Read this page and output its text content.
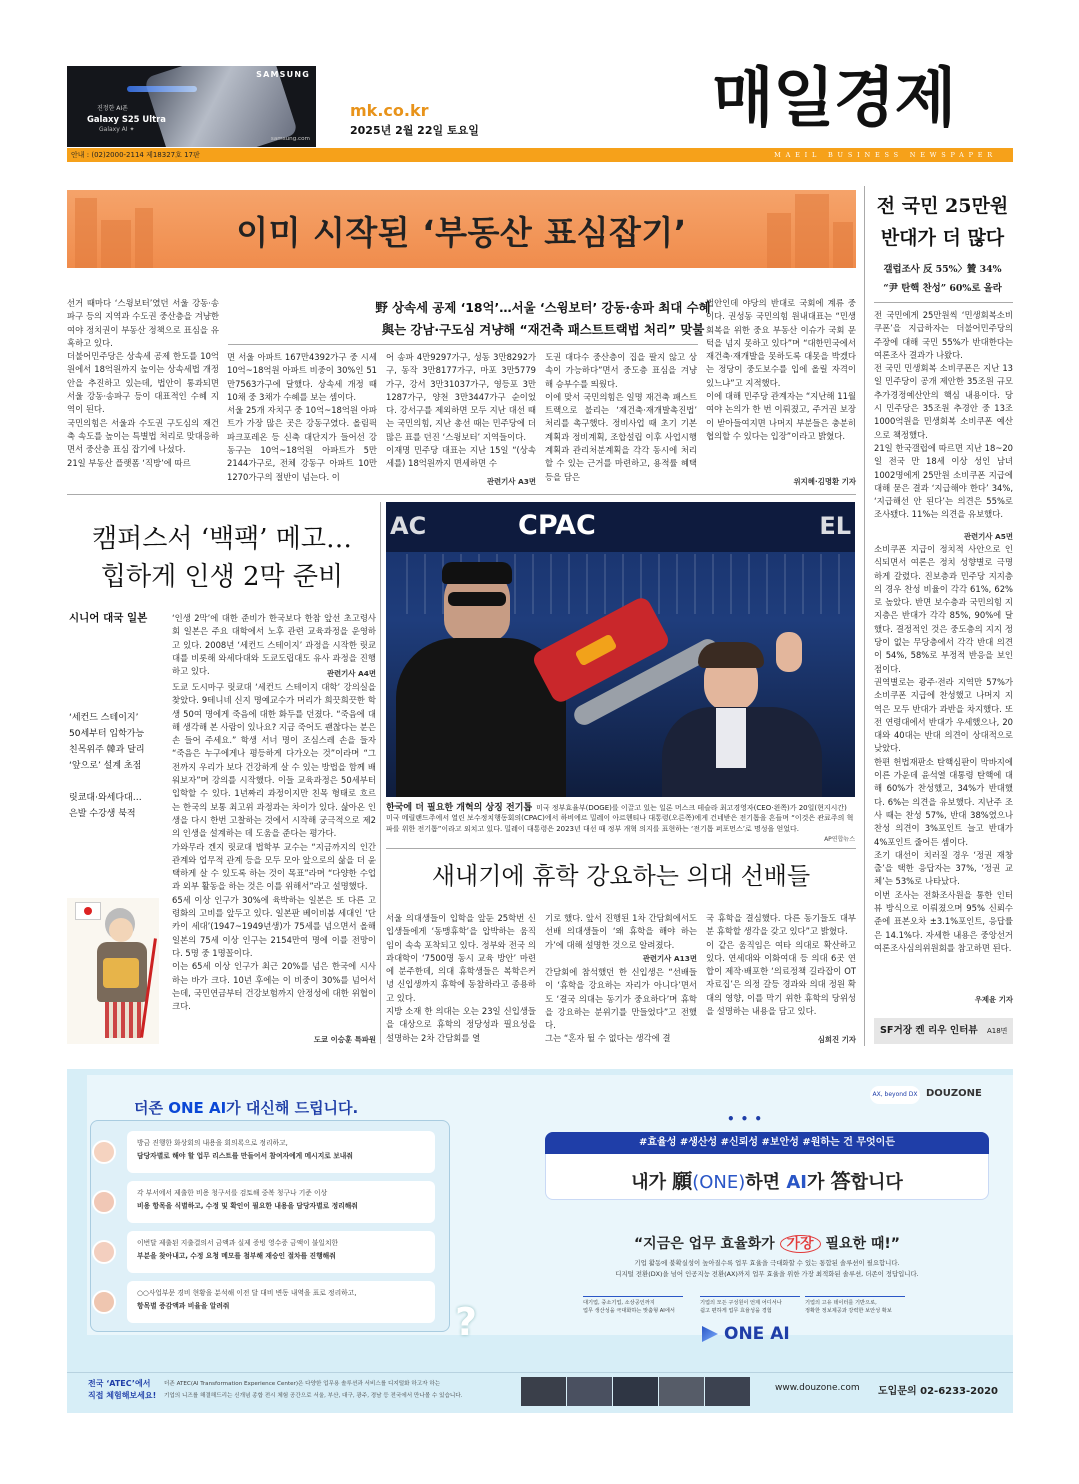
SAMSUNG
진정한 AI폰
Galaxy S25 Ultra
Galaxy AI ✦
samsung.com
mk.co.kr
2025년 2월 22일 토요일	매일경제
안내 : (02)2000-2114 제18327호 17판	MAEIL BUSINESS NEWSPAPER
이미 시작된 ‘부동산 표심잡기’
선거 때마다 ‘스윙보터’였던 서울 강동·송파구 등의 지역과 수도권 중산층을 겨냥한 여야 정치권이 부동산 정책으로 표심을 유혹하고 있다.
더불어민주당은 상속세 공제 한도를 10억원에서 18억원까지 높이는 상속세법 개정안을 추진하고 있는데, 법안이 통과되면 서울 강동·송파구 등이 대표적인 수혜 지역이 된다.
국민의힘은 서울과 수도권 구도심의 재건축 속도를 높이는 특별법 처리로 맞대응하면서 중산층 표심 잡기에 나섰다.
21일 부동산 플랫폼 ‘직방’에 따르
野 상속세 공제 ‘18억’…서울 ‘스윙보터’ 강동·송파 최대 수혜
與는 강남·구도심 겨냥해 “재건축 패스트트랙법 처리” 맞불
면 서울 아파트 167만4392가구 중 시세 10억~18억원 아파트 비중이 30%인 51만7563가구에 달했다. 상속세 개정 때 10채 중 3채가 수혜를 보는 셈이다.
서울 25개 자치구 중 10억~18억원 아파트가 가장 많은 곳은 강동구였다. 올림픽파크포레온 등 신축 대단지가 들어선 강동구는 10억~18억원 아파트가 5만2144가구로, 전체 강동구 아파트 10만1270가구의 절반이 넘는다. 이
어 송파 4만9297가구, 성동 3만8292가구, 동작 3만8177가구, 마포 3만5779가구, 강서 3만31037가구, 영등포 3만1287가구, 양천 3만3447가구 순이었다. 강서구를 제외하면 모두 지난 대선 때는 국민의힘, 지난 총선 때는 민주당에 더 많은 표를 던진 ‘스윙보터’ 지역들이다.
이재명 민주당 대표는 지난 15일 “(상속세를) 18억원까지 면세하면 수
관련기사 A3면
도권 대다수 중산층이 집을 팔지 않고 상속이 가능하다”면서 중도층 표심을 겨냥해 승부수를 띄웠다.
이에 맞서 국민의힘은 일명 재건축 패스트트랙으로 불리는 ‘재건축·재개발촉진법’ 처리를 촉구했다. 정비사업 때 초기 기본계획과 정비계획, 조합설립 이후 사업시행계획과 관리처분계획을 각각 동시에 처리할 수 있는 근거를 마련하고, 용적률 혜택 등을 담은
법안인데 야당의 반대로 국회에 계류 중이다. 권성동 국민의힘 원내대표는 “민생 회복을 위한 중요 부동산 이슈가 국회 문턱을 넘지 못하고 있다”며 “대한민국에서 재건축·재개발을 못하도록 대못을 박겠다는 정당이 중도보수를 입에 올릴 자격이 있느냐”고 지적했다.
이에 대해 민주당 관계자는 “지난해 11월 여야 논의가 한 번 이뤄졌고, 주거권 보장이 받아들여지면 나머지 부분들은 충분히 협의할 수 있다는 입장”이라고 밝혔다.
위지혜·김명환 기자
전 국민 25만원 반대가 더 많다
갤럽조사 反 55%〉贊 34%
“尹 탄핵 찬성” 60%로 올라
전 국민에게 25만원씩 ‘민생회복소비쿠폰’을 지급하자는 더불어민주당의 주장에 대해 국민 55%가 반대한다는 여론조사 결과가 나왔다.
전 국민 민생회복 소비쿠폰은 지난 13일 민주당이 공개 제안한 35조원 규모 추가경정예산안의 핵심 내용이다. 당시 민주당은 35조원 추경안 중 13조1000억원을 민생회복 소비쿠폰 예산으로 책정했다.
21일 한국갤럽에 따르면 지난 18~20일 전국 만 18세 이상 성인 남녀 1002명에게 25만원 소비쿠폰 지급에 대해 묻은 결과 ‘지급해야 한다’ 34%, ‘지급해선 안 된다’는 의견은 55%로 조사됐다. 11%는 의견을 유보했다.
관련기사 A5면
소비쿠폰 지급이 정치적 사안으로 인식되면서 여론은 정치 성향별로 극명하게 갈렸다. 진보층과 민주당 지지층의 경우 찬성 비율이 각각 61%, 62%로 높았다. 반면 보수층과 국민의힘 지지층은 반대가 각각 85%, 90%에 달했다. 결정적인 것은 중도층의 지지 정당이 없는 무당층에서 각각 반대 의견이 54%, 58%로 부정적 반응을 보인 점이다.
권역별로는 광주·전라 지역만 57%가 소비쿠폰 지급에 찬성했고 나머지 지역은 모두 반대가 과반을 차지했다. 또 전 연령대에서 반대가 우세했으나, 20대와 40대는 반대 의견이 상대적으로 낮았다.
한편 헌법재판소 탄핵심판이 막바지에 이른 가운데 윤석열 대통령 탄핵에 대해 60%가 찬성했고, 34%가 반대했다. 6%는 의견을 유보했다. 지난주 조사 때는 찬성 57%, 반대 38%였으나 찬성 의견이 3%포인트 늘고 반대가 4%포인트 줄어든 셈이다.
조기 대선이 치러질 경우 ‘정권 재창출’을 택한 응답자는 37%, ‘정권 교체’는 53%로 나타났다.
이번 조사는 전화조사원을 통한 인터뷰 방식으로 이뤄졌으며 95% 신뢰수준에 표본오차 ±3.1%포인트, 응답률은 14.1%다. 자세한 내용은 중앙선거여론조사심의위원회를 참고하면 된다.
우제윤 기자
SF거장 켄 리우 인터뷰 A18면
캠퍼스서 ‘백팩’ 메고…
힙하게 인생 2막 준비
시니어 대국 일본
‘세컨드 스테이지’
50세부터 입학가능
친목위주 韓과 달리
‘앞으로’ 설계 초점
릿쿄대·와세다대…
은발 수강생 북적
‘인생 2막’에 대한 준비가 한국보다 한참 앞선 초고령사회 일본은 주요 대학에서 노후 관련 교육과정을 운영하고 있다. 2008년 ‘세컨드 스테이지’ 과정을 시작한 릿쿄대를 비롯해 와세다대와 도쿄도립대도 유사 과정을 진행하고 있다.	관련기사 A4면
도쿄 도시마구 릿쿄대 ‘세컨드 스테이지 대학’ 강의실을 찾았다. 9테니네 신지 명예교수가 머리가 희끗희끗한 학생 50여 명에게 죽음에 대한 화두를 던졌다. “죽음에 대해 생각해 본 사람이 있나요? 지금 죽어도 괜찮다는 분은 손 들어 주세요.” 학생 서너 명이 조심스레 손을 들자 “죽음은 누구에게나 평등하게 다가오는 것”이라며 “그전까지 우리가 보다 건강하게 살 수 있는 방법을 함께 배워보자”며 강의를 시작했다. 이들 교육과정은 50세부터 입학할 수 있다. 1년짜리 과정이지만 친목 형태로 흐르는 한국의 보통 최고위 과정과는 차이가 있다. 삶아온 인생을 다시 한번 고찰하는 것에서 시작해 궁극적으로 제2의 인생을 설계하는 데 도움을 준다는 평가다.
가와무라 겐지 릿쿄대 법학부 교수는 “지금까지의 인간관계와 업무적 관계 등을 모두 모아 앞으로의 삶을 더 윤택하게 살 수 있도록 하는 것이 목표”라며 “다양한 수업과 외부 활동을 하는 것은 이를 위해서”라고 설명했다.
65세 이상 인구가 30%에 육박하는 일본은 또 다른 고령화의 고비를 앞두고 있다. 일본판 베이비붐 세대인 ‘단카이 세대’(1947~1949년생)가 75세를 넘으면서 올해 일본의 75세 이상 인구는 2154만여 명에 이를 전망이다. 5명 중 1명꼴이다.
이는 65세 이상 인구가 최근 20%를 넘은 한국에 시사하는 바가 크다. 10년 후에는 이 비중이 30%를 넘어서는데, 국민연금부터 건강보험까지 안정성에 대한 위협이 크다.
도쿄 이승훈 특파원
AC	CPAC	EL
한국에 더 필요한 개혁의 상징 전기톱 미국 정부효율부(DOGE)를 이끌고 있는 일론 머스크 테슬라 최고경영자(CEO·왼쪽)가 20일(현지시간) 미국 메릴랜드주에서 열린 보수정치행동회의(CPAC)에서 하비에르 밀레이 아르헨티나 대통령(오른쪽)에게 건네받은 전기톱을 흔들며 “이것은 관료주의 혁파를 위한 전기톱”이라고 외치고 있다. 밀레이 대통령은 2023년 대선 때 정부 개혁 의지를 표현하는 ‘전기톱 퍼포먼스’로 명성을 얻었다.
AP연합뉴스
새내기에 휴학 강요하는 의대 선배들
서울 의대생들이 입학을 앞둔 25학번 신입생들에게 ‘동맹휴학’을 압박하는 움직임이 속속 포착되고 있다. 정부와 전국 의과대학이 ‘7500명 동시 교육 방안’ 마련에 분주한데, 의대 휴학생들은 복학은커녕 신입생까지 휴학에 동참하라고 종용하고 있다.
지방 소재 한 의대는 오는 23일 신입생들을 대상으로 휴학의 정당성과 필요성을 설명하는 2차 간담회를 열
기로 했다. 앞서 진행된 1차 간담회에서도 선배 의대생들이 ‘왜 휴학을 해야 하는가’에 대해 설명한 것으로 알려졌다.
관련기사 A13면
간담회에 참석했던 한 신입생은 “선배들이 ‘휴학을 강요하는 자리가 아니다’면서도 ‘결국 의대는 동기가 중요하다’며 휴학을 강요하는 분위기를 만들었다”고 전했다.
그는 “혼자 뒬 수 없다는 생각에 결
국 휴학을 결심했다. 다른 동기들도 대부분 휴학할 생각을 갖고 있다”고 밝혔다.
이 같은 움직임은 여타 의대로 확산하고 있다. 연세대와 이화여대 등 의대 6곳 연합이 제작·배포한 ‘의료정책 길라잡이 OT 자료집’은 의정 갈등 경과와 의대 정원 확대의 영향, 이를 막기 위한 휴학의 당위성을 설명하는 내용을 담고 있다.
심희진 기자
더존 ONE AI가 대신해 드립니다.
방금 진행한 화상회의 내용을 회의록으로 정리하고,
담당자별로 해야 할 업무 리스트를 만들어서 참여자에게 메시지로 보내줘
각 부서에서 제출한 비용 청구서를 검토해 중복 청구나 기준 이상
비용 항목을 식별하고, 수정 및 확인이 필요한 내용을 담당자별로 정리해줘
이번달 제출된 지출결의서 금액과 실제 증빙 영수증 금액이 불일치한
부분을 찾아내고, 수정 요청 메모를 첨부해 재승인 절차를 진행해줘
○○사업부문 경비 현황을 분석해 이전 달 대비 변동 내역을 표로 정리하고,
항목별 증감액과 비율을 알려줘	?
AX, beyond DX DOUZONE
•••
#효율성 #생산성 #신뢰성 #보안성 #원하는 건 무엇이든
내가 願(ONE)하면 AI가 答합니다
“지금은 업무 효율화가 가장 필요한 때!”
기업 활동에 불확실성이 높아질수록 업무 효율을 극대화할 수 있는 통합된 솔루션이 필요합니다.
디지털 전환(DX)을 넘어 인공지능 전환(AX)까지 업무 효율을 위한 가장 최적화된 솔루션, 더존이 정답입니다.
대기업, 중소기업, 소상공인까지
업무 생산성을 극대화하는 맞춤형 AI에서
기업의 모든 구성원이 언제 어디서나
쉽고 편하게 업무 효율성을 경험
기업의 고유 데이터를 기반으로,
정확한 정보제공과 강력한 보안성 확보
ONE AI
전국 ‘ATEC’에서
직접 체험해보세요!
더존 ATEC(AI Transformation Experience Center)은 다양한 업무용 솔루션과 서비스를 디지털화 하고자 하는
기업의 니즈를 해결해드리는 신개념 종합 전시 체험 공간으로 서울, 부산, 대구, 광주, 경남 등 전국에서 만나볼 수 있습니다.
www.douzone.com 도입문의 02-6233-2020
